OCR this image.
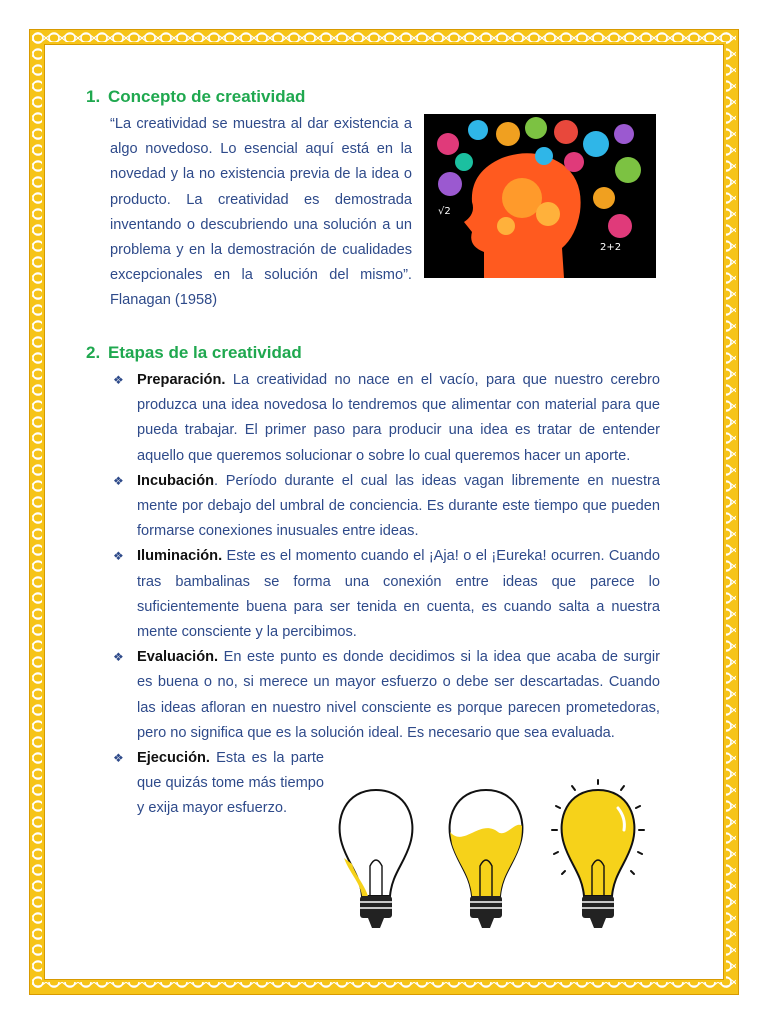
1. Concepto de creatividad
“La creatividad se muestra al dar existencia a algo novedoso. Lo esencial aquí está en la novedad y la no existencia previa de la idea o producto. La creatividad es demostrada inventando o descubriendo una solución a un problema y en la demostración de cualidades excepcionales en la solución del mismo”. Flanagan (1958)
2+2
√2
2. Etapas de la creatividad
❖ Preparación. La creatividad no nace en el vacío, para que nuestro cerebro produzca una idea novedosa lo tendremos que alimentar con material para que pueda trabajar. El primer paso para producir una idea es tratar de entender aquello que queremos solucionar o sobre lo cual queremos hacer un aporte.
❖ Incubación. Período durante el cual las ideas vagan libremente en nuestra mente por debajo del umbral de conciencia. Es durante este tiempo que pueden formarse conexiones inusuales entre ideas.
❖ Iluminación. Este es el momento cuando el ¡Aja! o el ¡Eureka! ocurren. Cuando tras bambalinas se forma una conexión entre ideas que parece lo suficientemente buena para ser tenida en cuenta, es cuando salta a nuestra mente consciente y la percibimos.
❖ Evaluación. En este punto es donde decidimos si la idea que acaba de surgir es buena o no, si merece un mayor esfuerzo o debe ser descartadas. Cuando las ideas afloran en nuestro nivel consciente es porque parecen prometedoras, pero no significa que es la solución ideal. Es necesario que sea evaluada.
❖ Ejecución. Esta es la parte que quizás tome más tiempo y exija mayor esfuerzo.
